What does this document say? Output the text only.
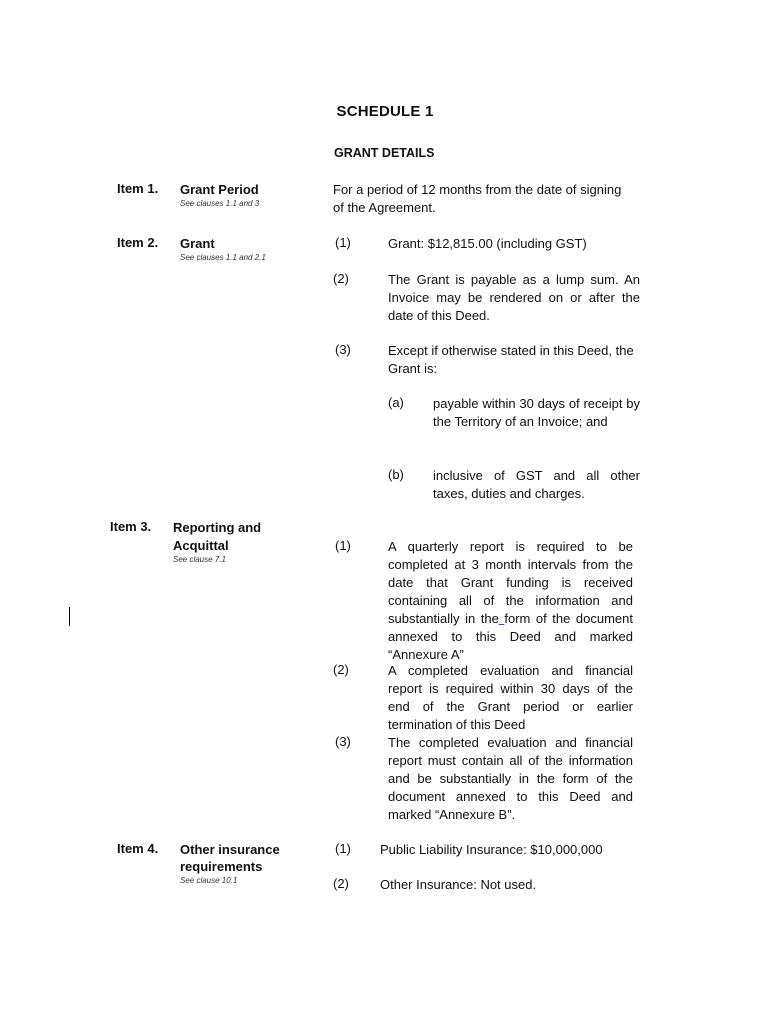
SCHEDULE 1
GRANT DETAILS
Item 1. Grant Period
See clauses 1.1 and 3
For a period of 12 months from the date of signing of the Agreement.
Item 2. Grant
See clauses 1.1 and 2.1
(1)	Grant: $12,815.00 (including GST)
(2)	The Grant is payable as a lump sum. An Invoice may be rendered on or after the date of this Deed.
(3)	Except if otherwise stated in this Deed, the Grant is:
(a) payable within 30 days of receipt by the Territory of an Invoice; and
(b) inclusive of GST and all other taxes, duties and charges.
Item 3. Reporting and
Acquittal
See clause 7.1
(1)	A quarterly report is required to be completed at 3 month intervals from the date that Grant funding is received containing all of the information and substantially in the form of the document annexed to this Deed and marked “Annexure A”
(2)	A completed evaluation and financial report is required within 30 days of the end of the Grant period or earlier termination of this Deed
(3)	The completed evaluation and financial report must contain all of the information and be substantially in the form of the document annexed to this Deed and marked “Annexure B”.
Item 4. Other insurance
requirements
See clause 10.1
(1) Public Liability Insurance: $10,000,000
(2) Other Insurance: Not used.
